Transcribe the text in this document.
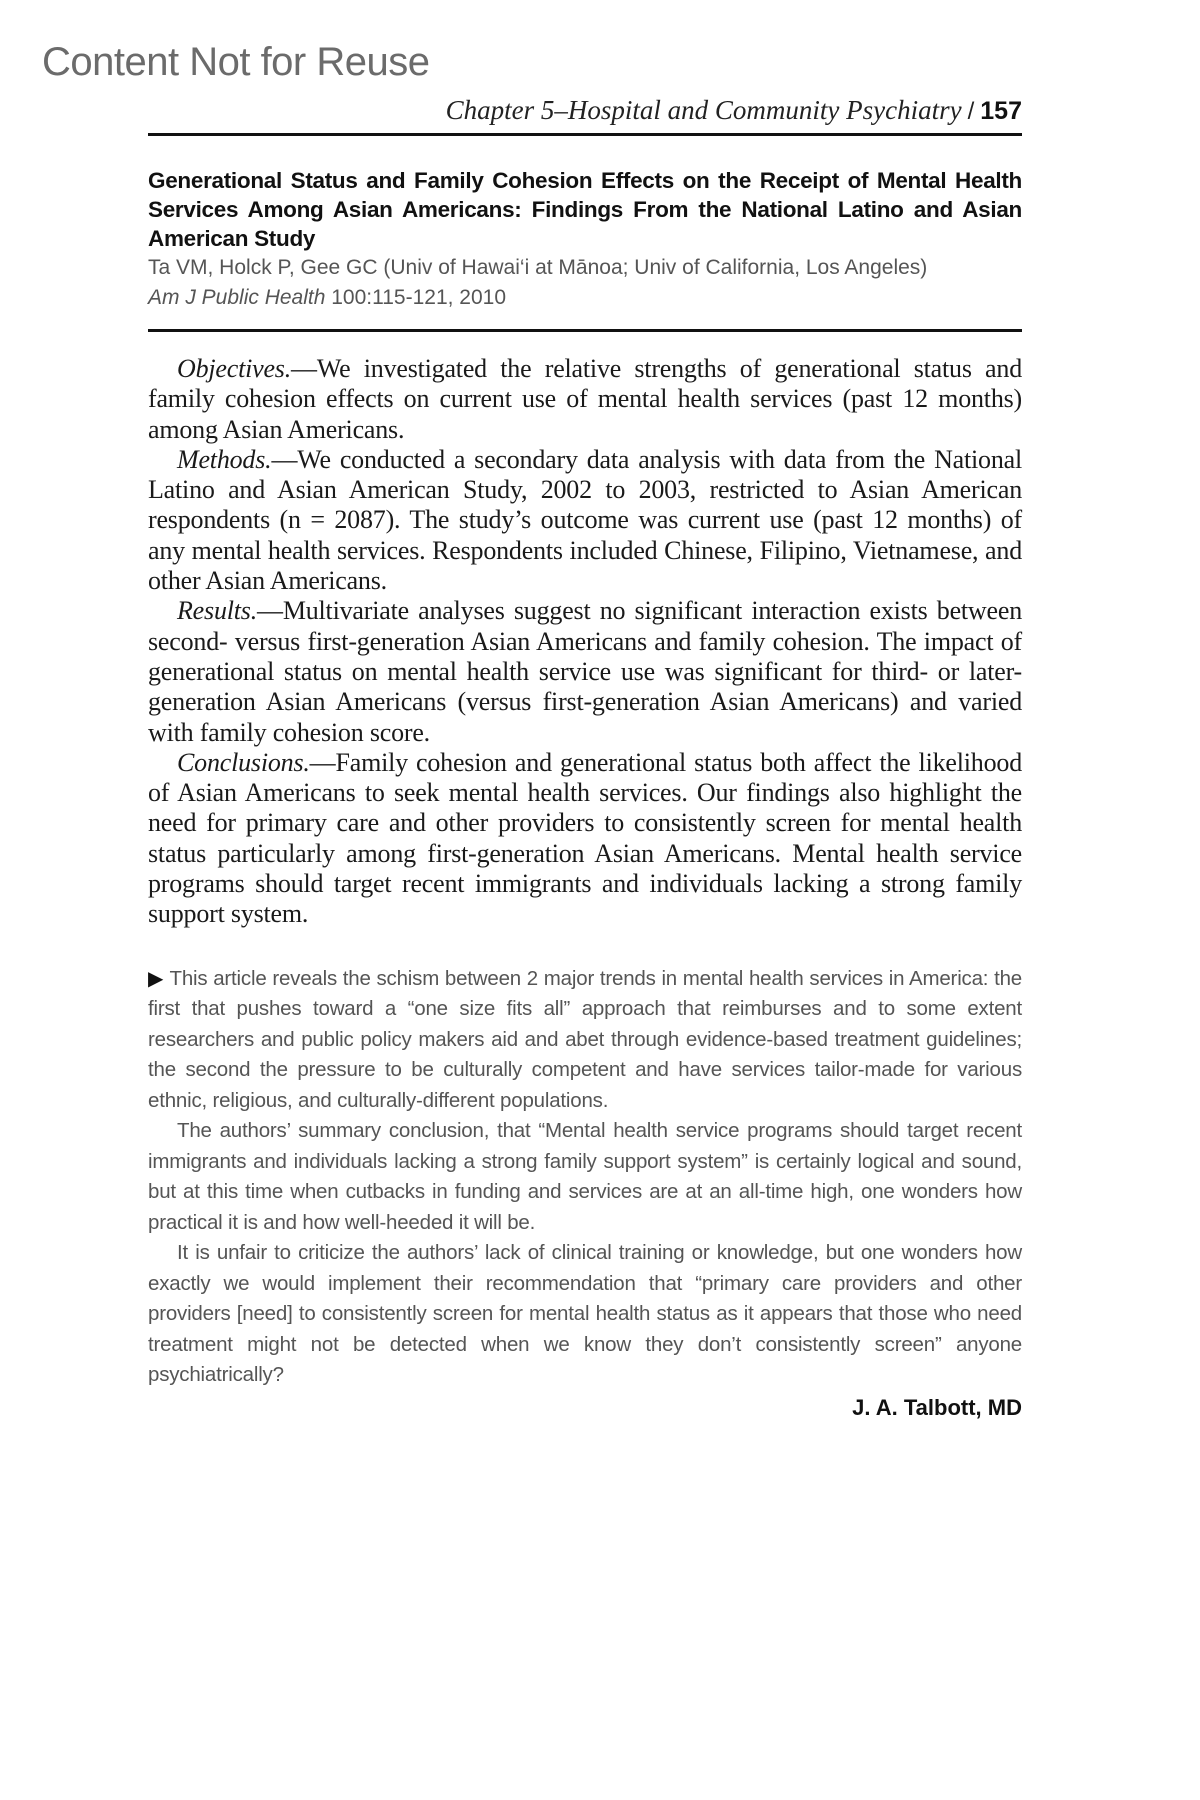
Content Not for Reuse
Chapter 5–Hospital and Community Psychiatry / 157
Generational Status and Family Cohesion Effects on the Receipt of Mental Health Services Among Asian Americans: Findings From the National Latino and Asian American Study
Ta VM, Holck P, Gee GC (Univ of Hawai‘i at Mānoa; Univ of California, Los Angeles)
Am J Public Health 100:115-121, 2010

Objectives.—We investigated the relative strengths of generational status and family cohesion effects on current use of mental health services (past 12 months) among Asian Americans.

Methods.—We conducted a secondary data analysis with data from the National Latino and Asian American Study, 2002 to 2003, restricted to Asian American respondents (n = 2087). The study’s outcome was current use (past 12 months) of any mental health services. Respondents included Chinese, Filipino, Vietnamese, and other Asian Americans.

Results.—Multivariate analyses suggest no significant interaction exists between second- versus first-generation Asian Americans and family cohesion. The impact of generational status on mental health service use was significant for third- or later-generation Asian Americans (versus first-generation Asian Americans) and varied with family cohesion score.

Conclusions.—Family cohesion and generational status both affect the likelihood of Asian Americans to seek mental health services. Our findings also highlight the need for primary care and other providers to consistently screen for mental health status particularly among first-generation Asian Americans. Mental health service programs should target recent immigrants and individuals lacking a strong family support system.

▶ This article reveals the schism between 2 major trends in mental health services in America: the first that pushes toward a “one size fits all” approach that reimburses and to some extent researchers and public policy makers aid and abet through evidence-based treatment guidelines; the second the pressure to be culturally competent and have services tailor-made for various ethnic, religious, and culturally-different populations.

The authors’ summary conclusion, that “Mental health service programs should target recent immigrants and individuals lacking a strong family support system” is certainly logical and sound, but at this time when cutbacks in funding and services are at an all-time high, one wonders how practical it is and how well-heeded it will be.

It is unfair to criticize the authors’ lack of clinical training or knowledge, but one wonders how exactly we would implement their recommendation that “primary care providers and other providers [need] to consistently screen for mental health status as it appears that those who need treatment might not be detected when we know they don’t consistently screen” anyone psychiatrically?

J. A. Talbott, MD
